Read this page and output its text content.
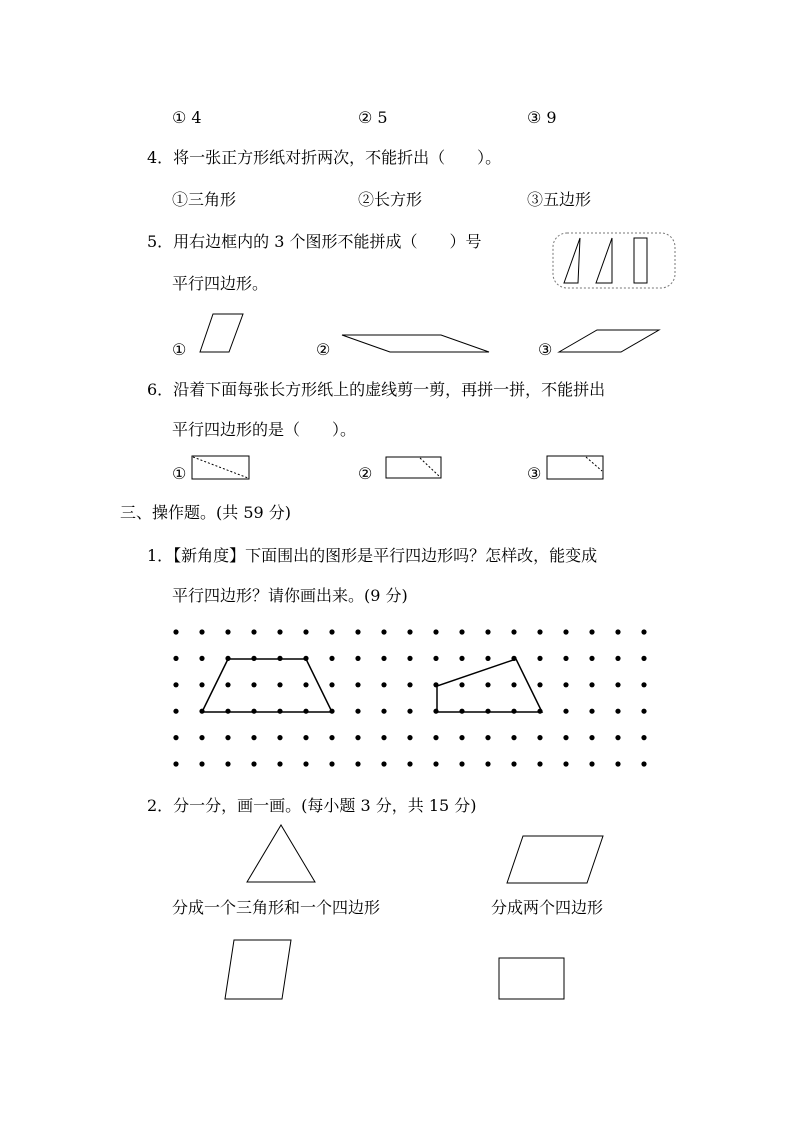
① 4	② 5	③ 9
4．将一张正方形纸对折两次，不能折出（　　）。
①三角形	②长方形	③五边形
5．用右边框内的 3 个图形不能拼成（　　）号
平行四边形。
①	②	③
6．沿着下面每张长方形纸上的虚线剪一剪，再拼一拼，不能拼出
平行四边形的是（　　）。
①	②	③
三、操作题。(共 59 分)
1．【新角度】下面围出的图形是平行四边形吗？怎样改，能变成
平行四边形？请你画出来。(9 分)
2．分一分，画一画。(每小题 3 分，共 15 分)
分成一个三角形和一个四边形	分成两个四边形
